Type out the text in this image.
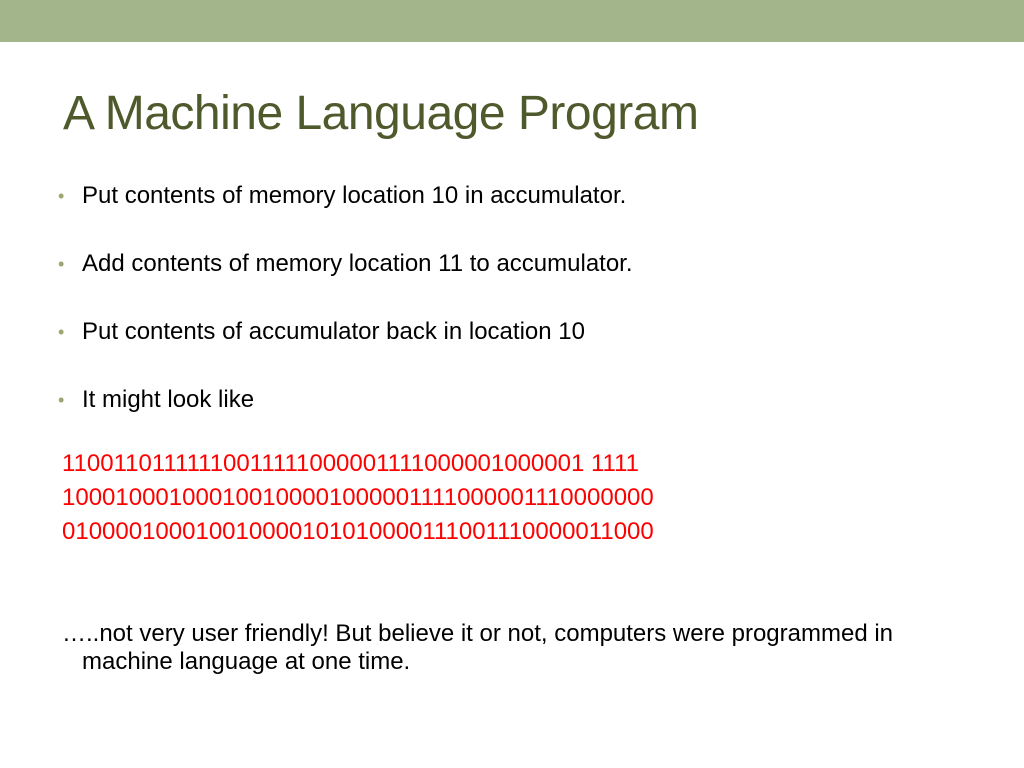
A Machine Language Program
• Put contents of memory location 10 in accumulator.
• Add contents of memory location 11 to accumulator.
• Put contents of accumulator back in location 10
• It might look like
11001101111110011111000001111000001000001 1111
100010001000100100001000001111000001110000000
010000100010010000101010000111001110000011000
…..not very user friendly! But believe it or not, computers were programmed in machine language at one time.
